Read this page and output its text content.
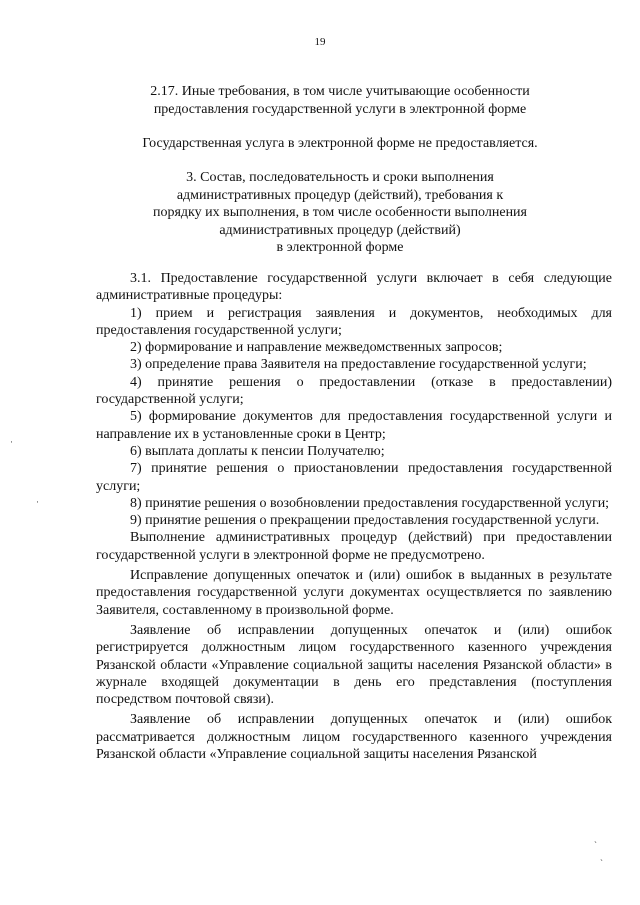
19
2.17. Иные требования, в том числе учитывающие особенности
предоставления государственной услуги в электронной форме
Государственная услуга в электронной форме не предоставляется.
3. Состав, последовательность и сроки выполнения
административных процедур (действий), требования к
порядку их выполнения, в том числе особенности выполнения
административных процедур (действий)
в электронной форме

3.1. Предоставление государственной услуги включает в себя следующие административные процедуры:

1) прием и регистрация заявления и документов, необходимых для предоставления государственной услуги;

2) формирование и направление межведомственных запросов;

3) определение права Заявителя на предоставление государственной услуги;

4) принятие решения о предоставлении (отказе в предоставлении) государственной услуги;

5) формирование документов для предоставления государственной услуги и направление их в установленные сроки в Центр;

6) выплата доплаты к пенсии Получателю;

7) принятие решения о приостановлении предоставления государственной услуги;

8) принятие решения о возобновлении предоставления государственной услуги;

9) принятие решения о прекращении предоставления государственной услуги.

Выполнение административных процедур (действий) при предоставлении государственной услуги в электронной форме не предусмотрено.

Исправление допущенных опечаток и (или) ошибок в выданных в результате предоставления государственной услуги документах осуществляется по заявлению Заявителя, составленному в произвольной форме.

Заявление об исправлении допущенных опечаток и (или) ошибок регистрируется должностным лицом государственного казенного учреждения Рязанской области «Управление социальной защиты населения Рязанской области» в журнале входящей документации в день его представления (поступления посредством почтовой связи).

Заявление об исправлении допущенных опечаток и (или) ошибок рассматривается должностным лицом государственного казенного учреждения Рязанской области «Управление социальной защиты населения Рязанской

·
·
ˋ
ˎ
